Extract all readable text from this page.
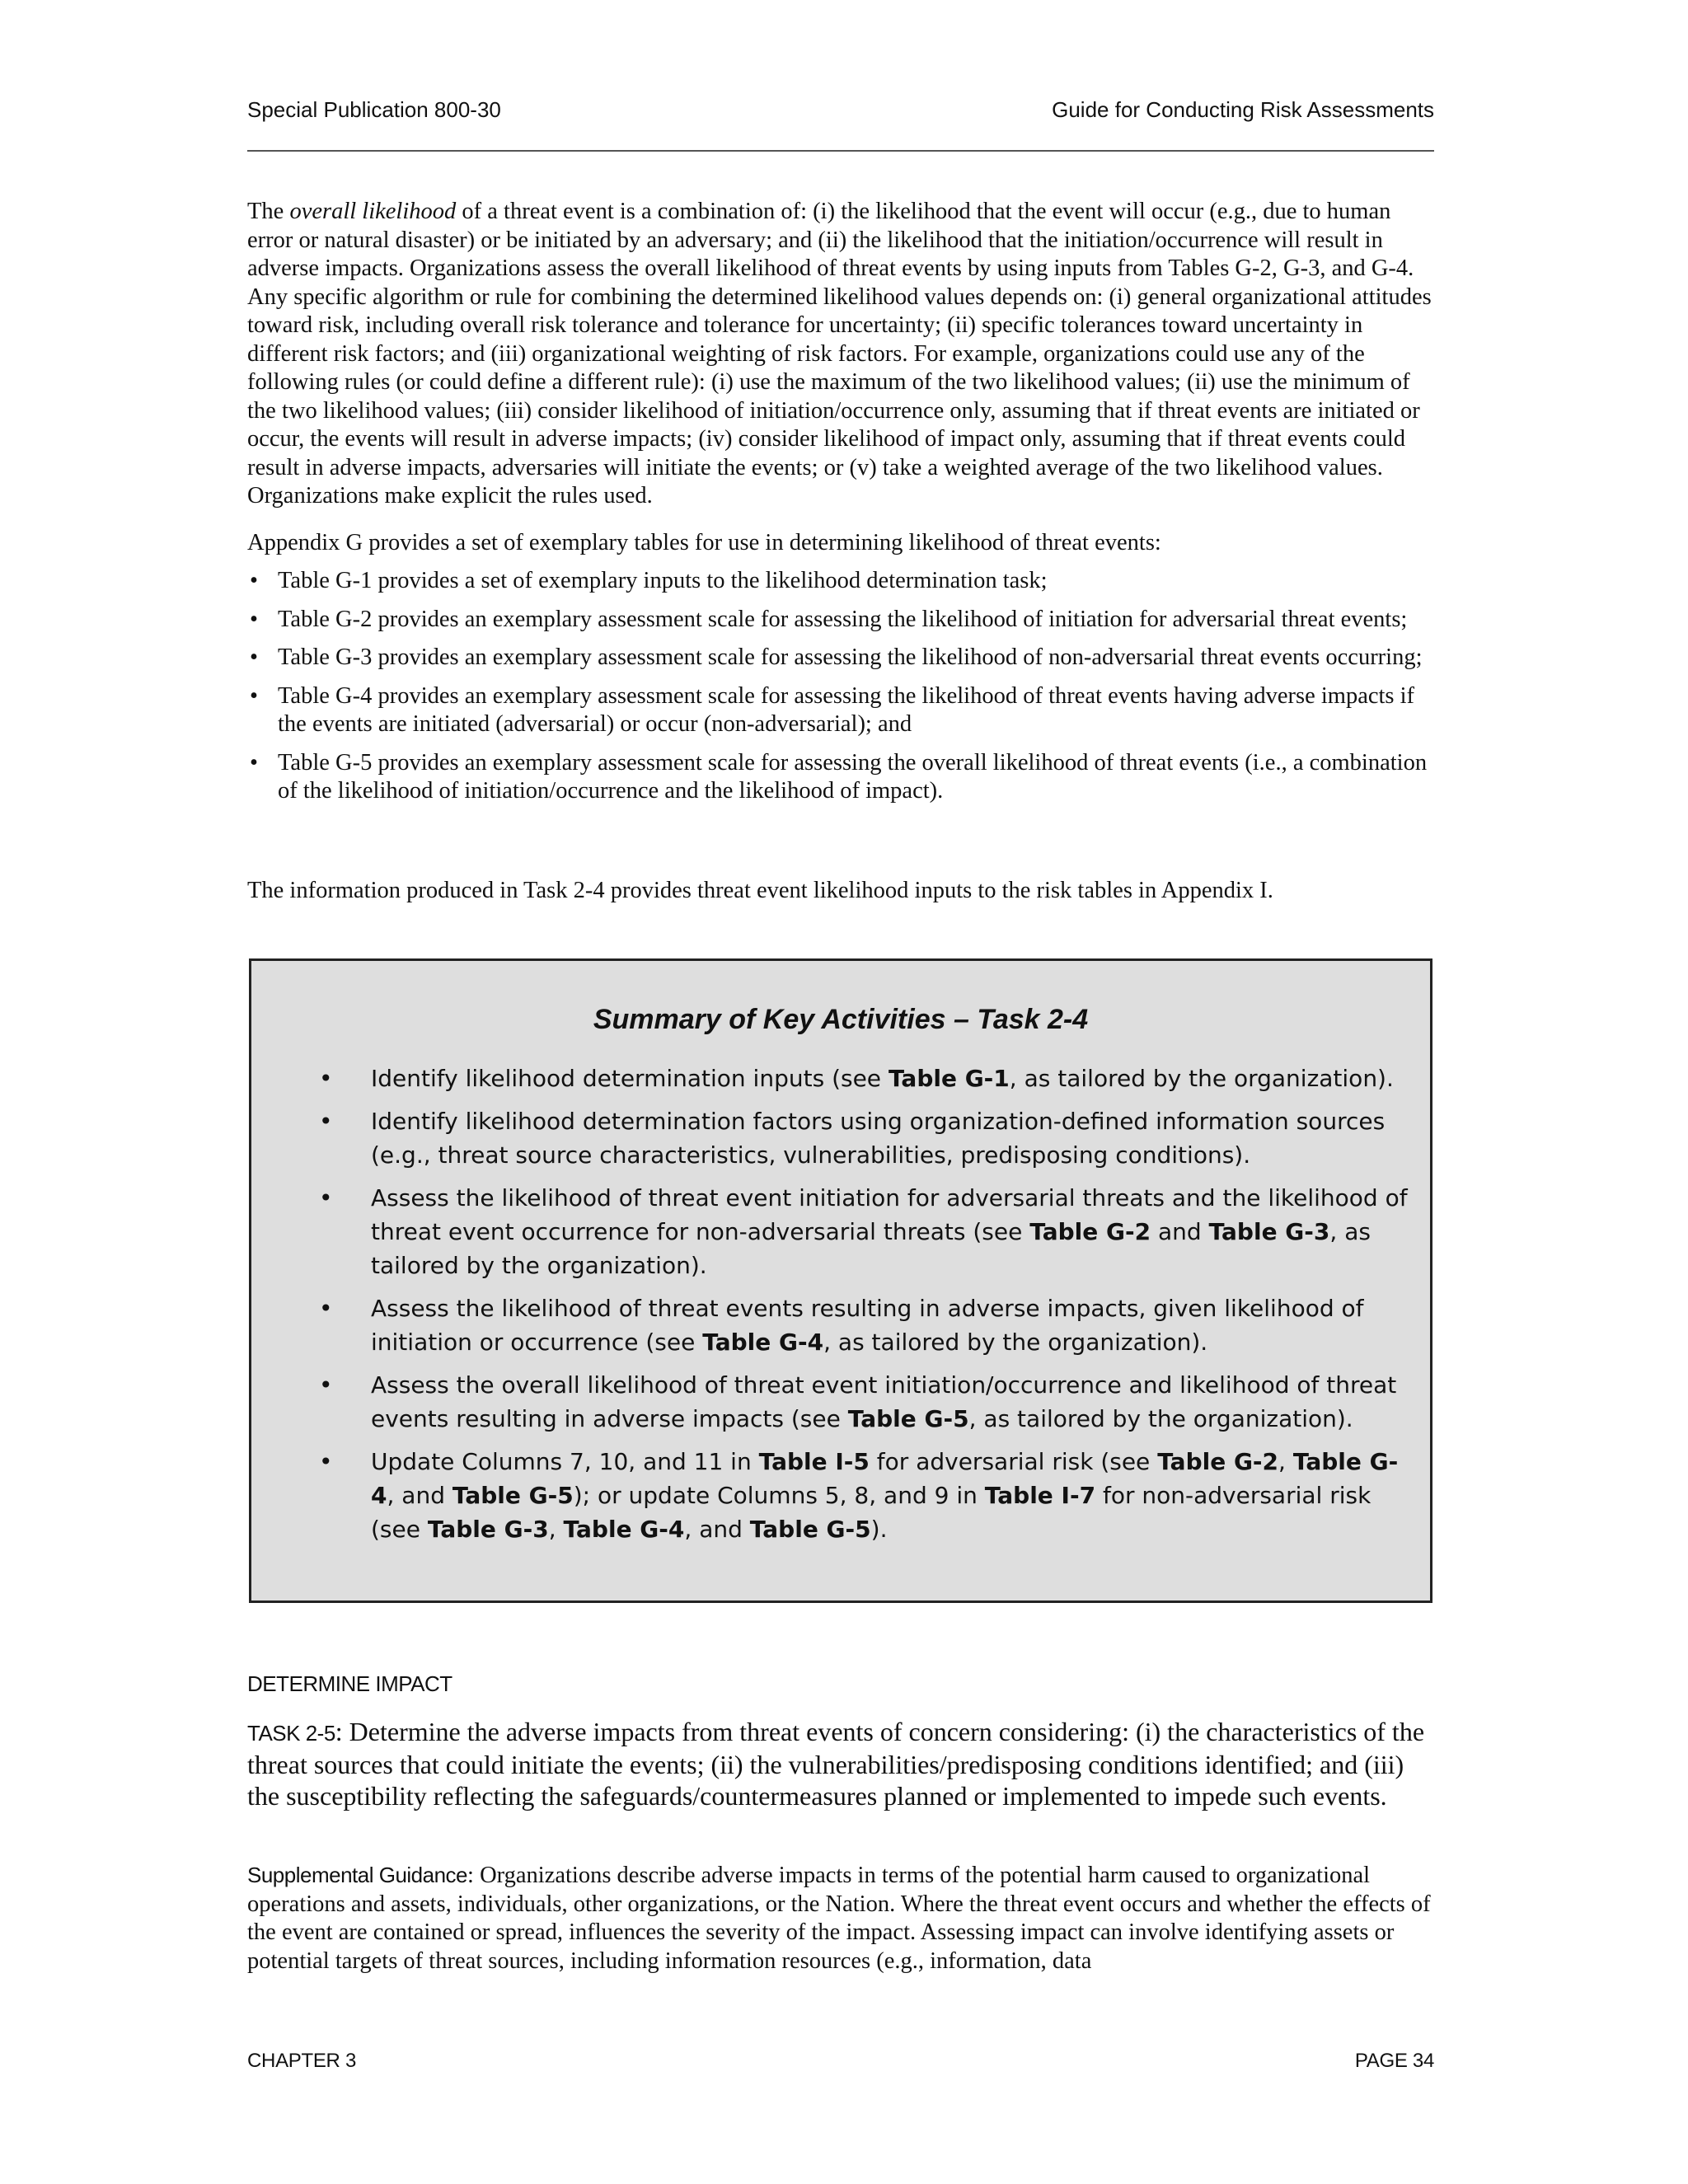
Special Publication 800-30	Guide for Conducting Risk Assessments

The overall likelihood of a threat event is a combination of: (i) the likelihood that the event will occur (e.g., due to human error or natural disaster) or be initiated by an adversary; and (ii) the likelihood that the initiation/occurrence will result in adverse impacts. Organizations assess the overall likelihood of threat events by using inputs from Tables G-2, G-3, and G-4. Any specific algorithm or rule for combining the determined likelihood values depends on: (i) general organizational attitudes toward risk, including overall risk tolerance and tolerance for uncertainty; (ii) specific tolerances toward uncertainty in different risk factors; and (iii) organizational weighting of risk factors. For example, organizations could use any of the following rules (or could define a different rule): (i) use the maximum of the two likelihood values; (ii) use the minimum of the two likelihood values; (iii) consider likelihood of initiation/occurrence only, assuming that if threat events are initiated or occur, the events will result in adverse impacts; (iv) consider likelihood of impact only, assuming that if threat events could result in adverse impacts, adversaries will initiate the events; or (v) take a weighted average of the two likelihood values. Organizations make explicit the rules used.

Appendix G provides a set of exemplary tables for use in determining likelihood of threat events:

• Table G-1 provides a set of exemplary inputs to the likelihood determination task;
• Table G-2 provides an exemplary assessment scale for assessing the likelihood of initiation for adversarial threat events;
• Table G-3 provides an exemplary assessment scale for assessing the likelihood of non-adversarial threat events occurring;
• Table G-4 provides an exemplary assessment scale for assessing the likelihood of threat events having adverse impacts if the events are initiated (adversarial) or occur (non-adversarial); and
• Table G-5 provides an exemplary assessment scale for assessing the overall likelihood of threat events (i.e., a combination of the likelihood of initiation/occurrence and the likelihood of impact).

The information produced in Task 2-4 provides threat event likelihood inputs to the risk tables in Appendix I.

Summary of Key Activities – Task 2-4
• Identify likelihood determination inputs (see Table G-1, as tailored by the organization).
• Identify likelihood determination factors using organization-defined information sources (e.g., threat source characteristics, vulnerabilities, predisposing conditions).
• Assess the likelihood of threat event initiation for adversarial threats and the likelihood of threat event occurrence for non-adversarial threats (see Table G-2 and Table G-3, as tailored by the organization).
• Assess the likelihood of threat events resulting in adverse impacts, given likelihood of initiation or occurrence (see Table G-4, as tailored by the organization).
• Assess the overall likelihood of threat event initiation/occurrence and likelihood of threat events resulting in adverse impacts (see Table G-5, as tailored by the organization).
• Update Columns 7, 10, and 11 in Table I-5 for adversarial risk (see Table G-2, Table G-4, and Table G-5); or update Columns 5, 8, and 9 in Table I-7 for non-adversarial risk (see Table G-3, Table G-4, and Table G-5).
DETERMINE IMPACT
TASK 2-5: Determine the adverse impacts from threat events of concern considering: (i) the characteristics of the threat sources that could initiate the events; (ii) the vulnerabilities/predisposing conditions identified; and (iii) the susceptibility reflecting the safeguards/countermeasures planned or implemented to impede such events.
Supplemental Guidance: Organizations describe adverse impacts in terms of the potential harm caused to organizational operations and assets, individuals, other organizations, or the Nation. Where the threat event occurs and whether the effects of the event are contained or spread, influences the severity of the impact. Assessing impact can involve identifying assets or potential targets of threat sources, including information resources (e.g., information, data
CHAPTER 3	PAGE 34
